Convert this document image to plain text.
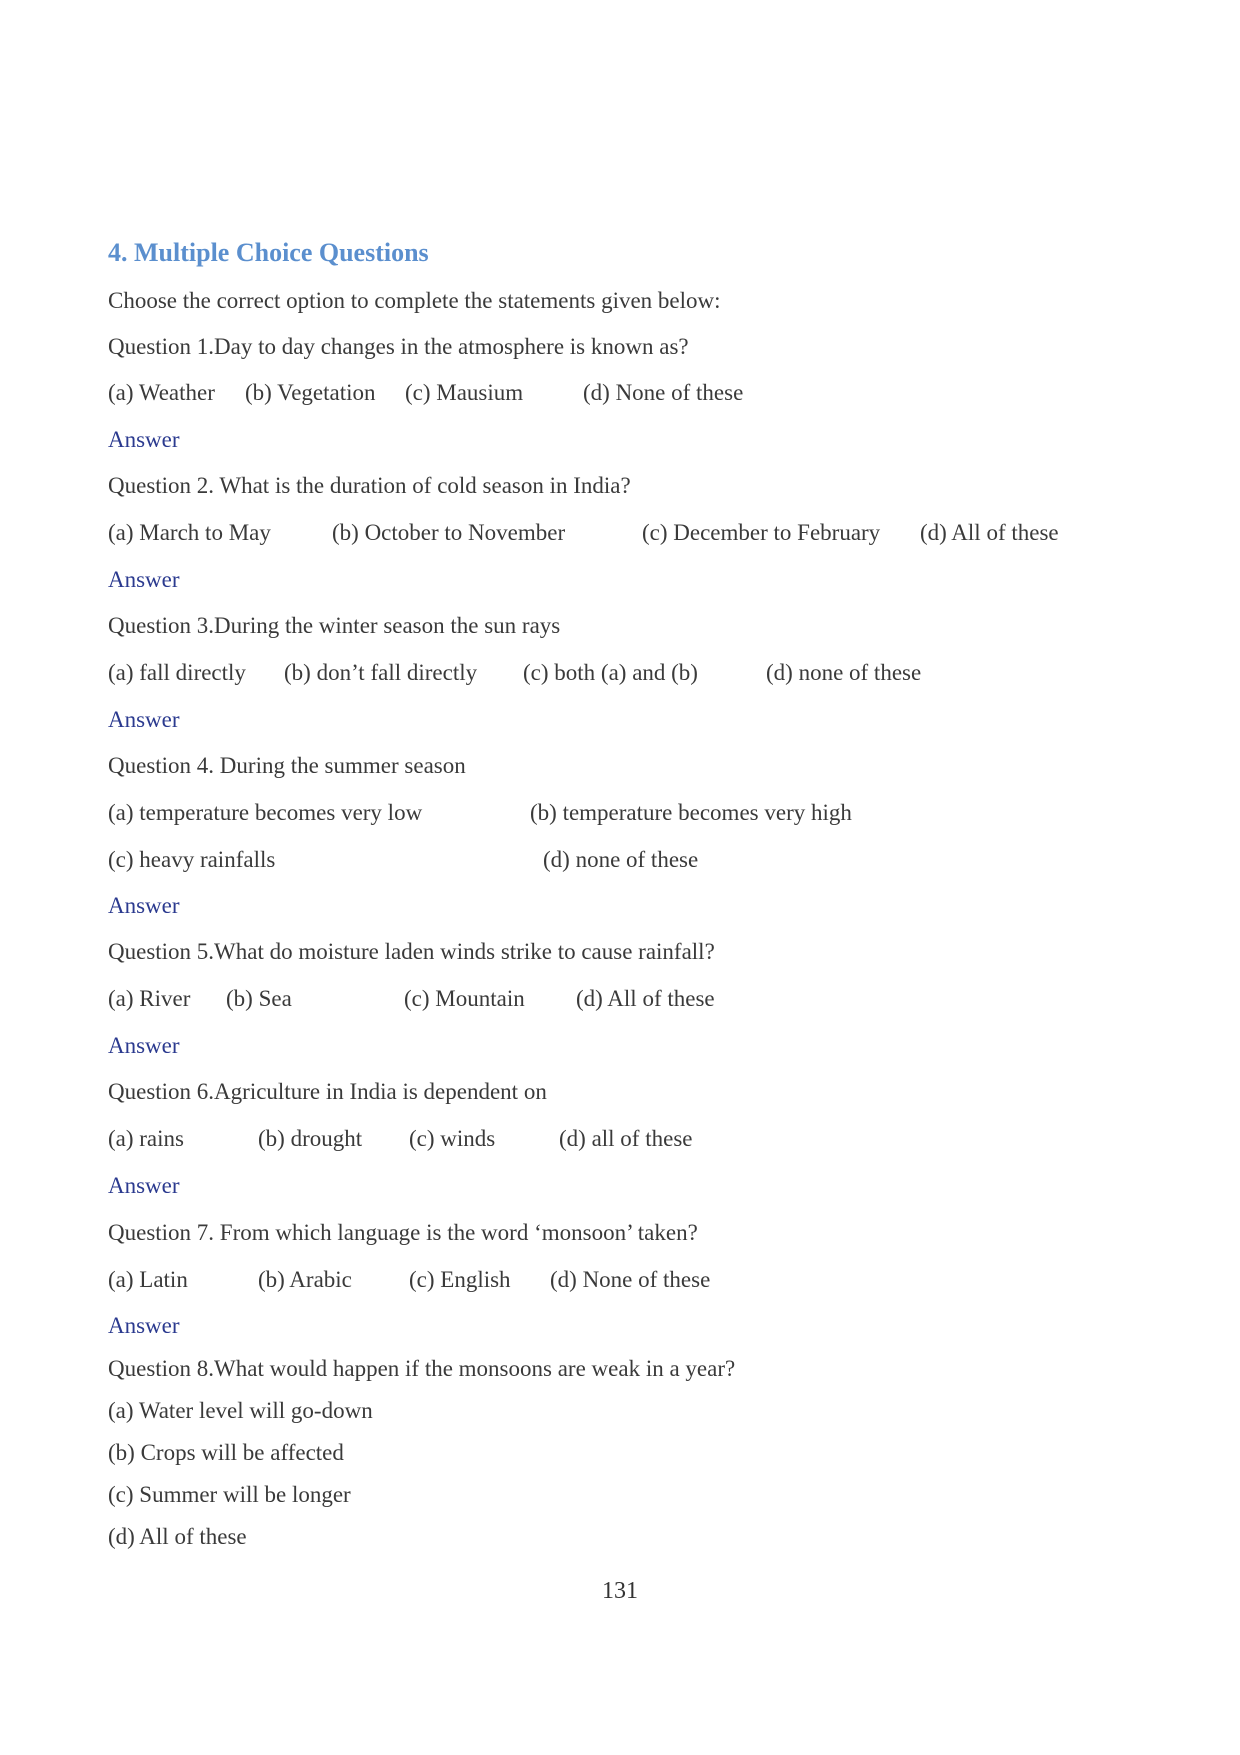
4. Multiple Choice Questions
Choose the correct option to complete the statements given below:
Question 1.Day to day changes in the atmosphere is known as?
(a) Weather (b) Vegetation (c) Mausium	(d) None of these
Answer
Question 2. What is the duration of cold season in India?
(a) March to May	(b) October to November	(c) December to February (d) All of these
Answer
Question 3.During the winter season the sun rays
(a) fall directly (b) don’t fall directly (c) both (a) and (b)	(d) none of these
Answer
Question 4. During the summer season
(a) temperature becomes very low	(b) temperature becomes very high
(c) heavy rainfalls	(d) none of these
Answer
Question 5.What do moisture laden winds strike to cause rainfall?
(a) River (b) Sea	(c) Mountain (d) All of these
Answer
Question 6.Agriculture in India is dependent on
(a) rains	(b) drought (c) winds	(d) all of these
Answer
Question 7. From which language is the word ‘monsoon’ taken?
(a) Latin	(b) Arabic (c) English (d) None of these
Answer
Question 8.What would happen if the monsoons are weak in a year?
(a) Water level will go-down
(b) Crops will be affected
(c) Summer will be longer
(d) All of these
131
